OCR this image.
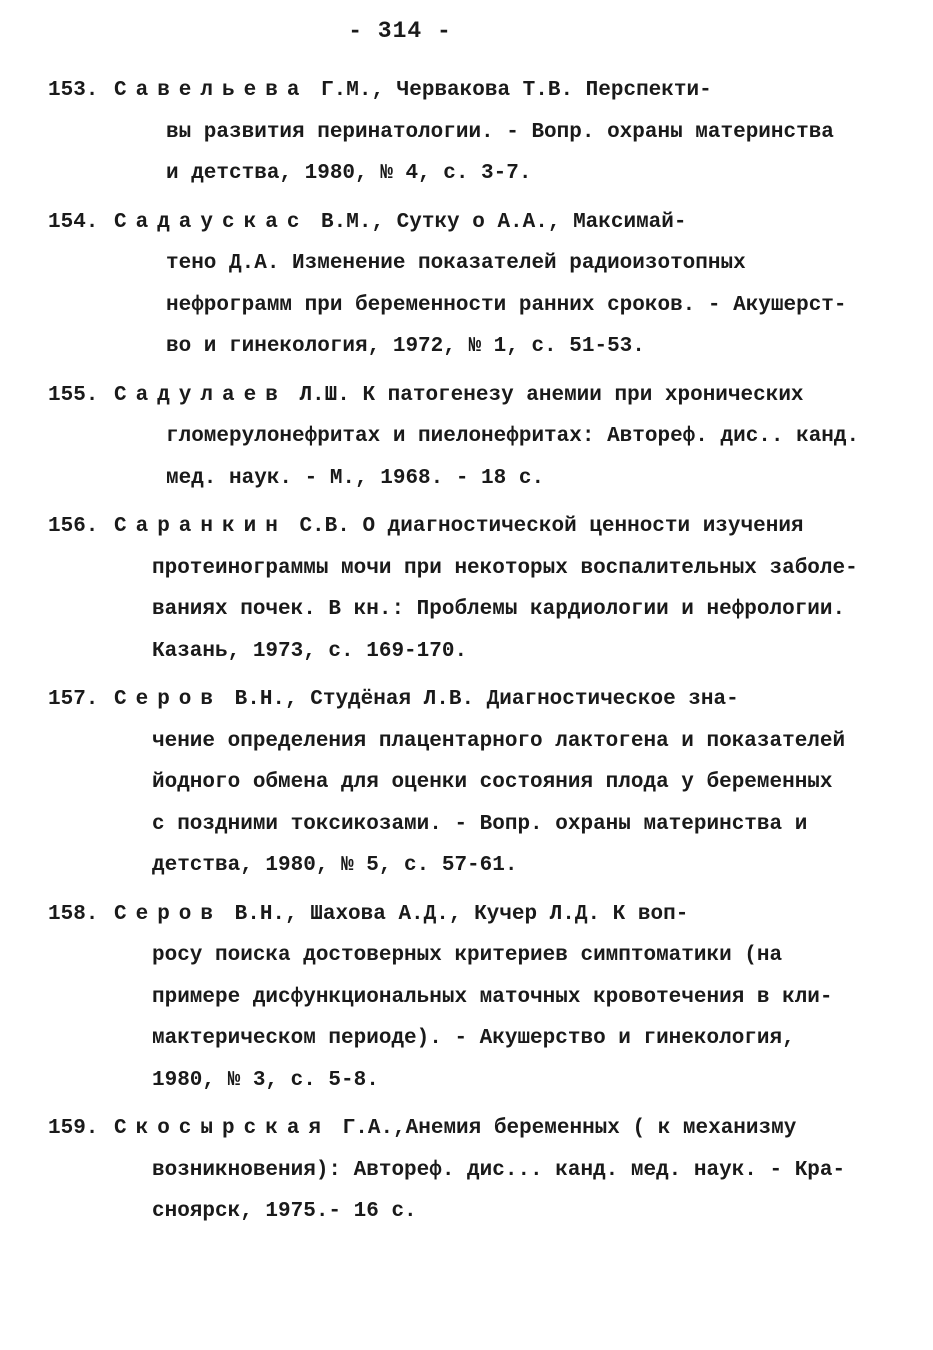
- 314 -
153. Савельева Г.М., Червакова Т.В. Перспекти-
вы развития перинатологии. - Вопр. охраны материнства
и детства, 1980, № 4, с. 3-7.
154. Садаускас В.М., Сутку о А.А., Максимай-
тено Д.А. Изменение показателей радиоизотопных
нефрограмм при беременности ранних сроков. - Акушерст-
во и гинекология, 1972, № 1, с. 51-53.
155. Садулаев Л.Ш. К патогенезу анемии при хронических
гломерулонефритах и пиелонефритах: Автореф. дис.. канд.
мед. наук. - М., 1968. - 18 с.
156. Саранкин С.В. О диагностической ценности изучения
протеинограммы мочи при некоторых воспалительных заболе-
ваниях почек. В кн.: Проблемы кардиологии и нефрологии.
Казань, 1973, с. 169-170.
157. Серов В.Н., Студёная Л.В. Диагностическое зна-
чение определения плацентарного лактогена и показателей
йодного обмена для оценки состояния плода у беременных
с поздними токсикозами. - Вопр. охраны материнства и
детства, 1980, № 5, с. 57-61.
158. Серов В.Н., Шахова А.Д., Кучер Л.Д. К воп-
росу поиска достоверных критериев симптоматики (на
примере дисфункциональных маточных кровотечения в кли-
мактерическом периоде). - Акушерство и гинекология,
1980, № 3, с. 5-8.
159. Скосырская Г.А.,Анемия беременных ( к механизму
возникновения): Автореф. дис... канд. мед. наук. - Кра-
сноярск, 1975.- 16 с.
